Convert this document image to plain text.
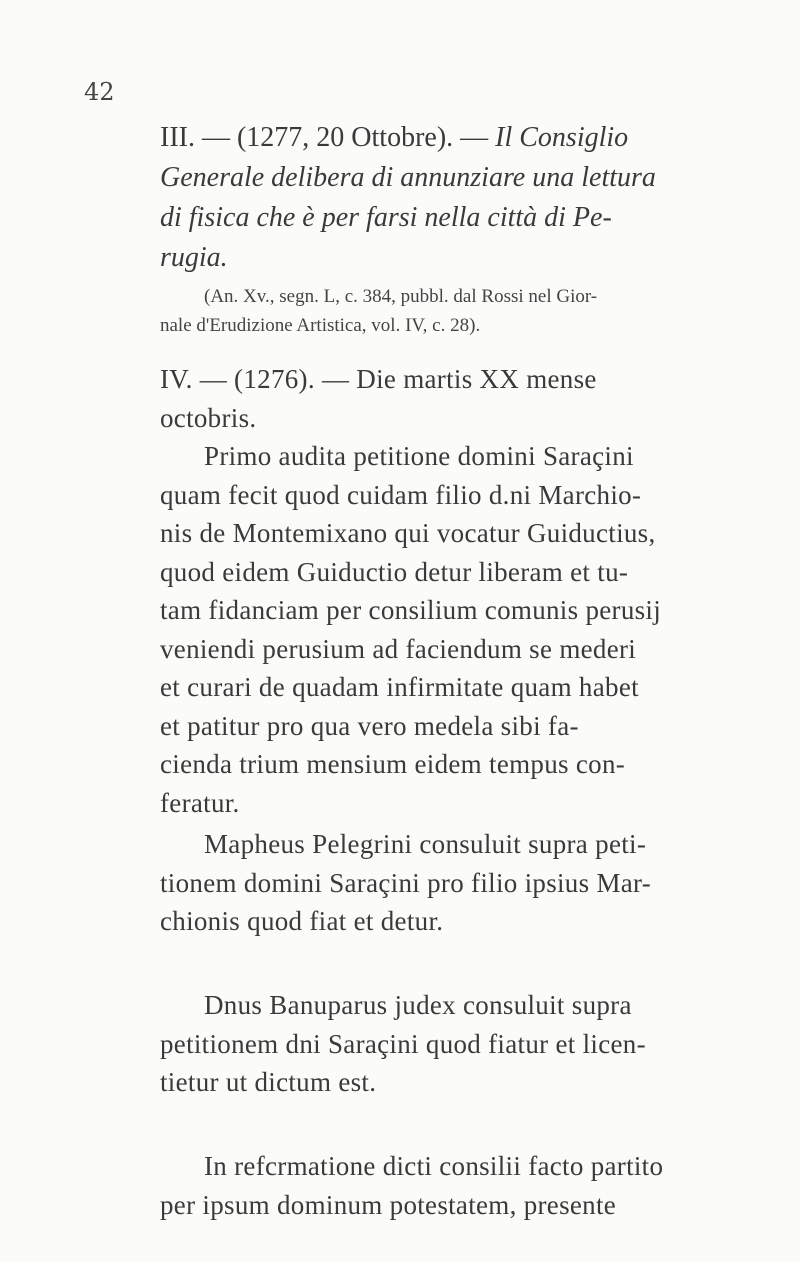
42
III. — (1277, 20 Ottobre). — Il Consiglio
Generale delibera di annunziare una lettura
di fisica che è per farsi nella città di Pe-
rugia.
(An. Xv., segn. L, c. 384, pubbl. dal Rossi nel Gior-
nale d'Erudizione Artistica, vol. IV, c. 28).
IV. — (1276). — Die martis XX mense
octobris.
Primo audita petitione domini Saraçini
quam fecit quod cuidam filio d.ni Marchio-
nis de Montemixano qui vocatur Guiductius,
quod eidem Guiductio detur liberam et tu-
tam fidanciam per consilium comunis perusij
veniendi perusium ad faciendum se mederi
et curari de quadam infirmitate quam habet
et patitur pro qua vero medela sibi fa-
cienda trium mensium eidem tempus con-
feratur.
Mapheus Pelegrini consuluit supra peti-
tionem domini Saraçini pro filio ipsius Mar-
chionis quod fiat et detur.
Dnus Banuparus judex consuluit supra
petitionem dni Saraçini quod fiatur et licen-
tietur ut dictum est.
In refcrmatione dicti consilii facto partito
per ipsum dominum potestatem, presente
